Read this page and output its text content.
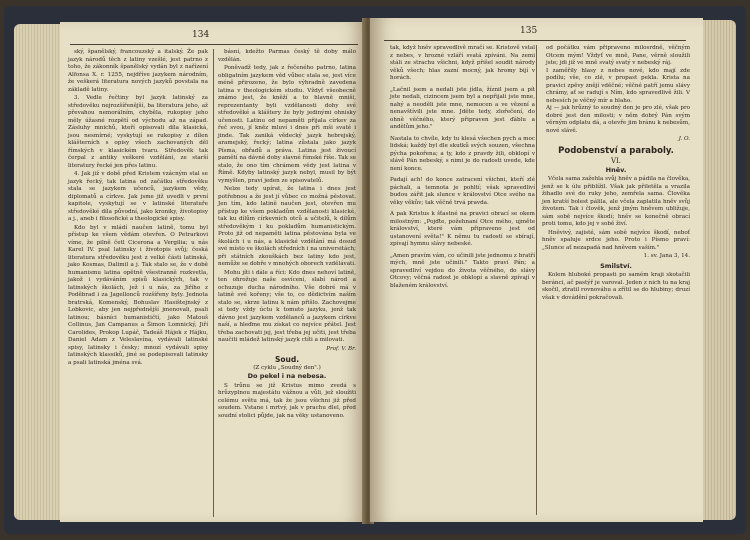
134

ský, španělský, francouzský a italský. Že pak jazyk národů těch z latiny vzešlé, jest patrno z toho, že zákonník španělský vydán byl z nařízení Alfonsa X. r. 1255, nejdříve jazykem národním, že veškerá literatura nových jazyků povstala na základě latiny.

3. Vedle řečtiny byl jazyk latinský za středověku nejrozšířenější, ba literatura jeho, až převahou nemorálním, chyběla, rukopisy jeho měly úžasné rozpětí od východu až na západ. Zásluhy mnichů, kteří opisovali díla klasická, jsou nesmírné; vyskytují se rukopisy z dílen klášterních s opisy všech zachovaných děl římských v klasickém tvaru. Středověk tak čerpal z antiky veškeré vzdělání, ze starší literatury řecké jen přes latinu.

4. Jak již v době před Kristem vzácným stal se jazyk řecký, tak latina od začátku středověku stala se jazykem učenců, jazykem vědy, diplomatů a církve. Jak jsme již uvedli v první kapitole, vyskytují se v latinské literatuře středověké díla původní, jako kroniky, životopisy a j., aneb i filosofické a theologické spisy.

Kdo byl v mládí naučen latině, tomu byl přístup ke všem vědám otevřen. O Petrarkovi víme, že pilně četl Cicerona a Vergilia; u nás Karel IV. psal latinsky i životopis svůj; česká literatura středověku jest z velké části latinská, jako Kosmas, Dalimil a j. Tak stalo se, že v době humanismu latina opětně všestranně rozkvetla, jakož i vydáváním spisů klasických, tak v latinských školách, jež i u nás, za Jiřího z Poděbrad i za Jagellonců rozšířeny byly. Jednota bratrská, Komenský, Bohuslav Hasištejnský z Lobkovic, aby jen nejpřednější jmenovali, psali latinou; básníci humanističtí, jako Matouš Collinus, Jan Campanus a Šimon Lomnický, Jiří Carolides, Prokop Lupáč, Tadeáš Hájek z Hájku, Daniel Adam z Veleslavína, vydávali latinské spisy, latinsky i česky; mnozí vydávali spisy latinských klassiků, jiné se podepisovali latinsky a psali latinská jména svá.

básní, kdežto Parmas český tě doby málo vzdělán.

Poněvadž tedy, jak z řečeného patrno, latina obligatním jazykem věd vůbec stala se, jest více méně přirozeno, že bylo výhradně zavedena latina v theologickém studiu. Vždyť všeobecně známo jest, že kněží a to hlavně mniši, reprezentanty byli vzdělanosti doby své středověké a kláštery že byly jedinými ohnisky učenosti. Latinu od nepaměti přijala církev za řeč svou, jí kněz mluví i dnes při mši svaté i jinde. Tak zaniká vědecký jazyk hebrejský, aramejský, řecký; latina zůstala jako jazyk Písma, obřadů a práva. Latina jest živoucí pamětí na dávné doby slavné římské říše. Tak se stalo, že ono tím chrámem vědy jest latina v Římě. Kdyby latinský jazyk nebyl, musil by být vymyšlen, praví jeden ze spisovatelů.

Nelze tedy upírat, že latina i dnes jest potřebnou a že jest jí vůbec co možná pěstovat. Jen tím, kdo latině naučen jest, otevřen mu přístup ke všem pokladům vzdělanosti klasické, tak ku dílům církevních otců a učitelů, k dílům středověkým i ku pokladům humanistickým. Proto již od nepaměti latina pěstována byla ve školách i u nás, a klasické vzdělání má dosud své místo ve školách středních i na universitách; při státních zkouškách bez latiny kdo jest, nemůže se dobře v mnohých oborech vzdělávati.

Mohu jíti i dále a říci: Kdo dnes nehoví latině, ten ohrožuje naše osvícení, slabí národ a ochuzuje ducha národního. Vše dobré má v latině své kořeny; vše to, co dědictvím naším stalo se, skrze latinu k nám přišlo. Zachovejme si tedy vždy úctu k tomuto jazyku, jenž tak dávno jest jazykem vzdělanců a jazykem církve naší, a hleďme mu získat co nejvíce přátel. Jest třeba zachovati jej, jest třeba jej učiti, jest třeba naučiti mládež latinský jazyk ctíti a milovati.

Prof. V. Br.
Soud.
(Z cyklu „Soudný den".)
Do pekel i na nebesa.

S trůnu se již Kristus mimo zvedá s hrůzyplnou majestátu vážnou a vůli, jež sloužiti celému světu má, tak že jsou všichni již před soudem. Vstane i mrtvý, jak v prachu dlel, před soudní stolici půjde, jak na věky ustanoveno.

135
tak, když hněv spravedlivě mračí se. Kristově vstal z nebes, v hrozné vzláří svatá zpíváni. Na zemi stáli ze strachu všichni, když přišel soudit národy věků všech; hlas zazní mocný, jak hromy bijí v horách.
„Lačnil jsem a nedali jste jídla, žíznil jsem a pít jste nedali, cizincem jsem byl a nepřijali jste mne, nahý a neoděli jste mne, nemocen a ve vězení a nenavštívili jste mne. Jděte tedy, zlořečení, do ohně věčného, který připraven jest ďáblu a andělům jeho."
Nastala to chvíle, kdy tu klesá všechen pych a moc lidská; každý byl dle skutků svých souzen, všechna pýcha pokořena; a ty, kdo z pravdy žili, obklopí v slávě Pán nebeský, s nimi je do radosti uvede, kde není konce.
Padají ach! do konce zatracení všichni, kteří zlé páchali, a temnota je pohltí; však spravedliví budou zářit jak slunce v království Otce svého na věky věkův; tak věčně trvá pravda.
A pak Kristus k šťastné na pravici obrací se okem milostným: „Pojďte, požehnaní Otce mého, ujměte království, které vám připraveno jest od ustanovení světa!" K němu tu radostí se sbírají, zpívají hymnu slávy nebeské.
„Amen pravím vám, co učinili jste jednomu z bratří mých, mně jste učinili." Takto praví Pán; a spravedliví vejdou do života věčného, do slávy Otcovy; věčná radost je obklopí a slavně zpívají v blaženém království.
od počátku vám připraveno milosrdně, věčným Otcem mým! Vždyť ve mně, Pane, věrně sloužili jste; jdi již ve mně svatý svatý v nebeský ráj.
I zaměřily hlasy z nebes nové, kdo mají zde podílu; vše, co zlé, v propast pekla. Krista na pravici zpěvy znějí vděčné; věčné patří jemu slávy chrámy, ať se radují s Ním, kdo spravedlivě žili. V nebesích je věčný mír a blaho.
Aj — jak hrůzný to soudný den je pro zlé, však pro dobré jest den milosti; v něm dobrý Pán svým věrným odplatu dá, a otevře jim bránu k nebesům, nové slávě.
J. O.
Podobenství a paraboly.
VI.
Hněv.

Včela sama zažehla svůj hněv a pádila na člověka, jenž se k úlu přiblížil. Však jak přiletěla a vrazila žihadlo své do ruky jeho, zemřela sama. Člověka jen kratší bolest pálila, ale včela zaplatila hněv svůj životem. Tak i člověk, jenž jiným hněvem ubližuje, sám sobě nejvíce škodí; hněv se konečně obrací proti tomu, kdo jej v sobě živí.

Hněvivý, zajisté, sám sobě nejvíce škodí, neboť hněv spaluje srdce jeho. Proto i Písmo praví: „Slunce ať nezapadá nad hněvem vaším."

1. sv. Jana 3, 14.
Smilství.

Kolem hluboké propasti po samém kraji skotačili beránci, ač pastýř je varoval. Jeden z nich tu na kraj skočil, ztratil rovnováhu a zřítil se do hlubiny; druzí však v dovádění pokračovali.
